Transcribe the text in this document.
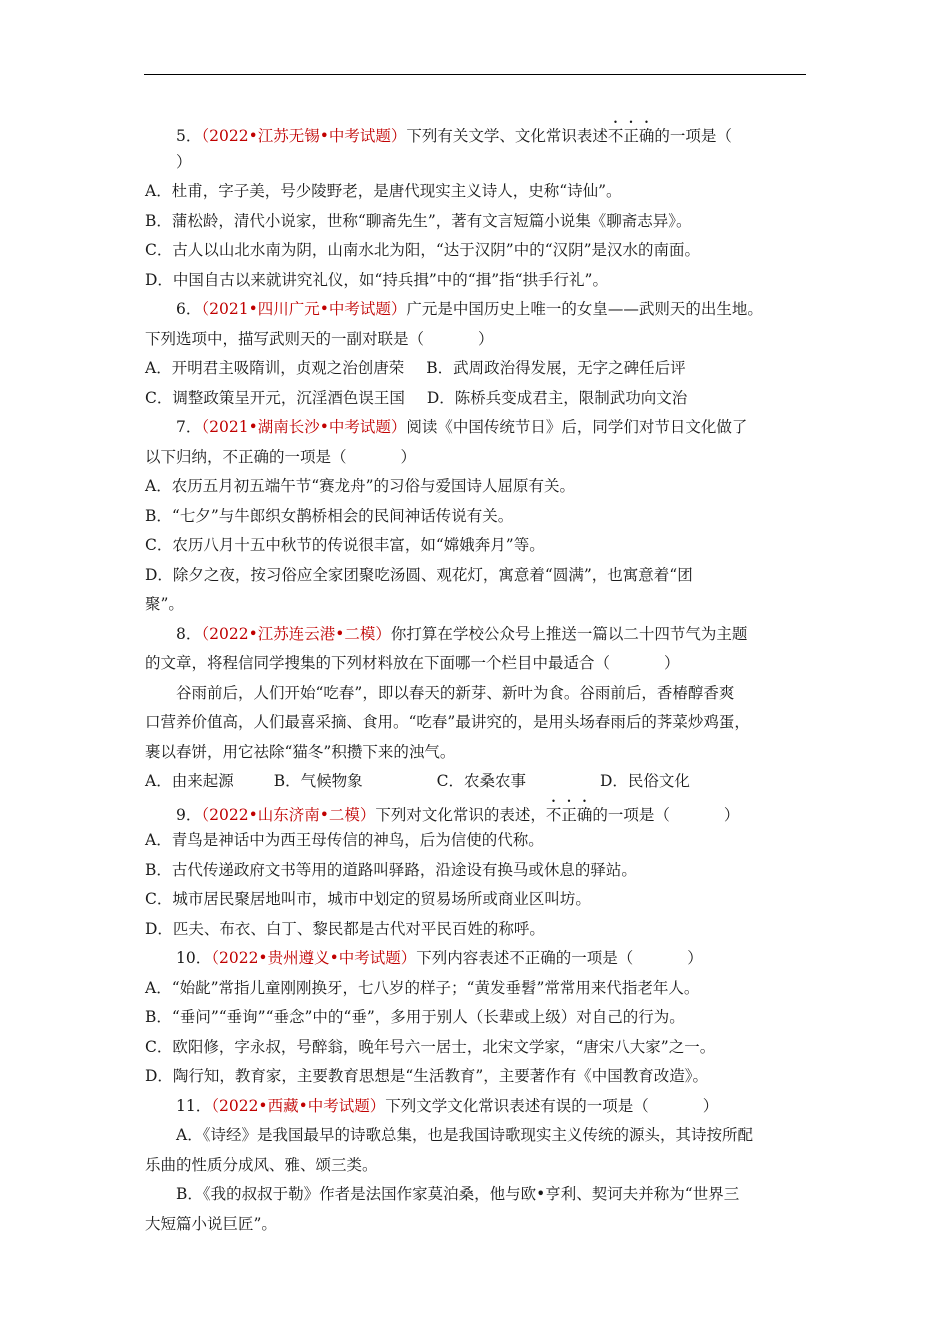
5．（2022•江苏无锡•中考试题）下列有关文学、文化常识表述不正确的一项是（
）
A．杜甫，字子美，号少陵野老，是唐代现实主义诗人，史称“诗仙”。
B．蒲松龄，清代小说家，世称“聊斋先生”，著有文言短篇小说集《聊斋志异》。
C．古人以山北水南为阴，山南水北为阳，“达于汉阴”中的“汉阴”是汉水的南面。
D．中国自古以来就讲究礼仪，如“持兵揖”中的“揖”指“拱手行礼”。
6．（2021•四川广元•中考试题）广元是中国历史上唯一的女皇——武则天的出生地。
下列选项中，描写武则天的一副对联是（	）
A．开明君主吸隋训，贞观之治创唐荣 B．武周政治得发展，无字之碑任后评
C．调整政策呈开元，沉淫酒色误王国 D．陈桥兵变成君主，限制武功向文治
7．（2021•湖南长沙•中考试题）阅读《中国传统节日》后，同学们对节日文化做了
以下归纳，不正确的一项是（	）
A．农历五月初五端午节“赛龙舟”的习俗与爱国诗人屈原有关。
B．“七夕”与牛郎织女鹊桥相会的民间神话传说有关。
C．农历八月十五中秋节的传说很丰富，如“嫦娥奔月”等。
D．除夕之夜，按习俗应全家团聚吃汤圆、观花灯，寓意着“圆满”，也寓意着“团
聚”。
8．（2022•江苏连云港•二模）你打算在学校公众号上推送一篇以二十四节气为主题
的文章，将程信同学搜集的下列材料放在下面哪一个栏目中最适合（	）
谷雨前后，人们开始“吃春”，即以春天的新芽、新叶为食。谷雨前后，香椿醇香爽
口营养价值高，人们最喜采摘、食用。“吃春”最讲究的，是用头场春雨后的荠菜炒鸡蛋，
裹以春饼，用它祛除“猫冬”积攒下来的浊气。
A．由来起源	B．气候物象	C．农桑农事	D．民俗文化
9．（2022•山东济南•二模）下列对文化常识的表述，不正确的一项是（	）
A．青鸟是神话中为西王母传信的神鸟，后为信使的代称。
B．古代传递政府文书等用的道路叫驿路，沿途设有换马或休息的驿站。
C．城市居民聚居地叫市，城市中划定的贸易场所或商业区叫坊。
D．匹夫、布衣、白丁、黎民都是古代对平民百姓的称呼。
10．（2022•贵州遵义•中考试题）下列内容表述不正确的一项是（	）
A．“始龀”常指儿童刚刚换牙，七八岁的样子；“黄发垂髫”常常用来代指老年人。
B．“垂问”“垂询”“垂念”中的“垂”，多用于别人（长辈或上级）对自己的行为。
C．欧阳修，字永叔，号醉翁，晚年号六一居士，北宋文学家，“唐宋八大家”之一。
D．陶行知，教育家，主要教育思想是“生活教育”，主要著作有《中国教育改造》。
11．（2022•西藏•中考试题）下列文学文化常识表述有误的一项是（	）
A．《诗经》是我国最早的诗歌总集，也是我国诗歌现实主义传统的源头，其诗按所配
乐曲的性质分成风、雅、颂三类。
B．《我的叔叔于勒》作者是法国作家莫泊桑，他与欧•亨利、契诃夫并称为“世界三
大短篇小说巨匠”。
